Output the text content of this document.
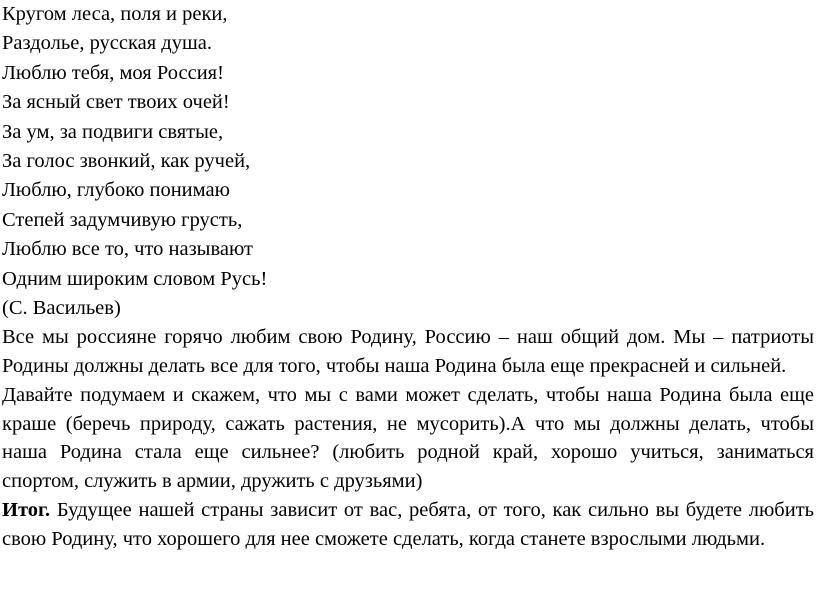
Кругом леса, поля и реки,
Раздолье, русская душа.
Люблю тебя, моя Россия!
За ясный свет твоих очей!
За ум, за подвиги святые,
За голос звонкий, как ручей,
Люблю, глубоко понимаю
Степей задумчивую грусть,
Люблю все то, что называют
Одним широким словом Русь!
(С. Васильев)

Все мы россияне горячо любим свою Родину, Россию – наш общий дом. Мы – патриоты Родины должны делать все для того, чтобы наша Родина была еще прекрасней и сильней.

Давайте подумаем и скажем, что мы с вами может сделать, чтобы наша Родина была еще краше (беречь природу, сажать растения, не мусорить).А что мы должны делать, чтобы наша Родина стала еще сильнее? (любить родной край, хорошо учиться, заниматься спортом, служить в армии, дружить с друзьями)

Итог. Будущее нашей страны зависит от вас, ребята, от того, как сильно вы будете любить свою Родину, что хорошего для нее сможете сделать, когда станете взрослыми людьми.
